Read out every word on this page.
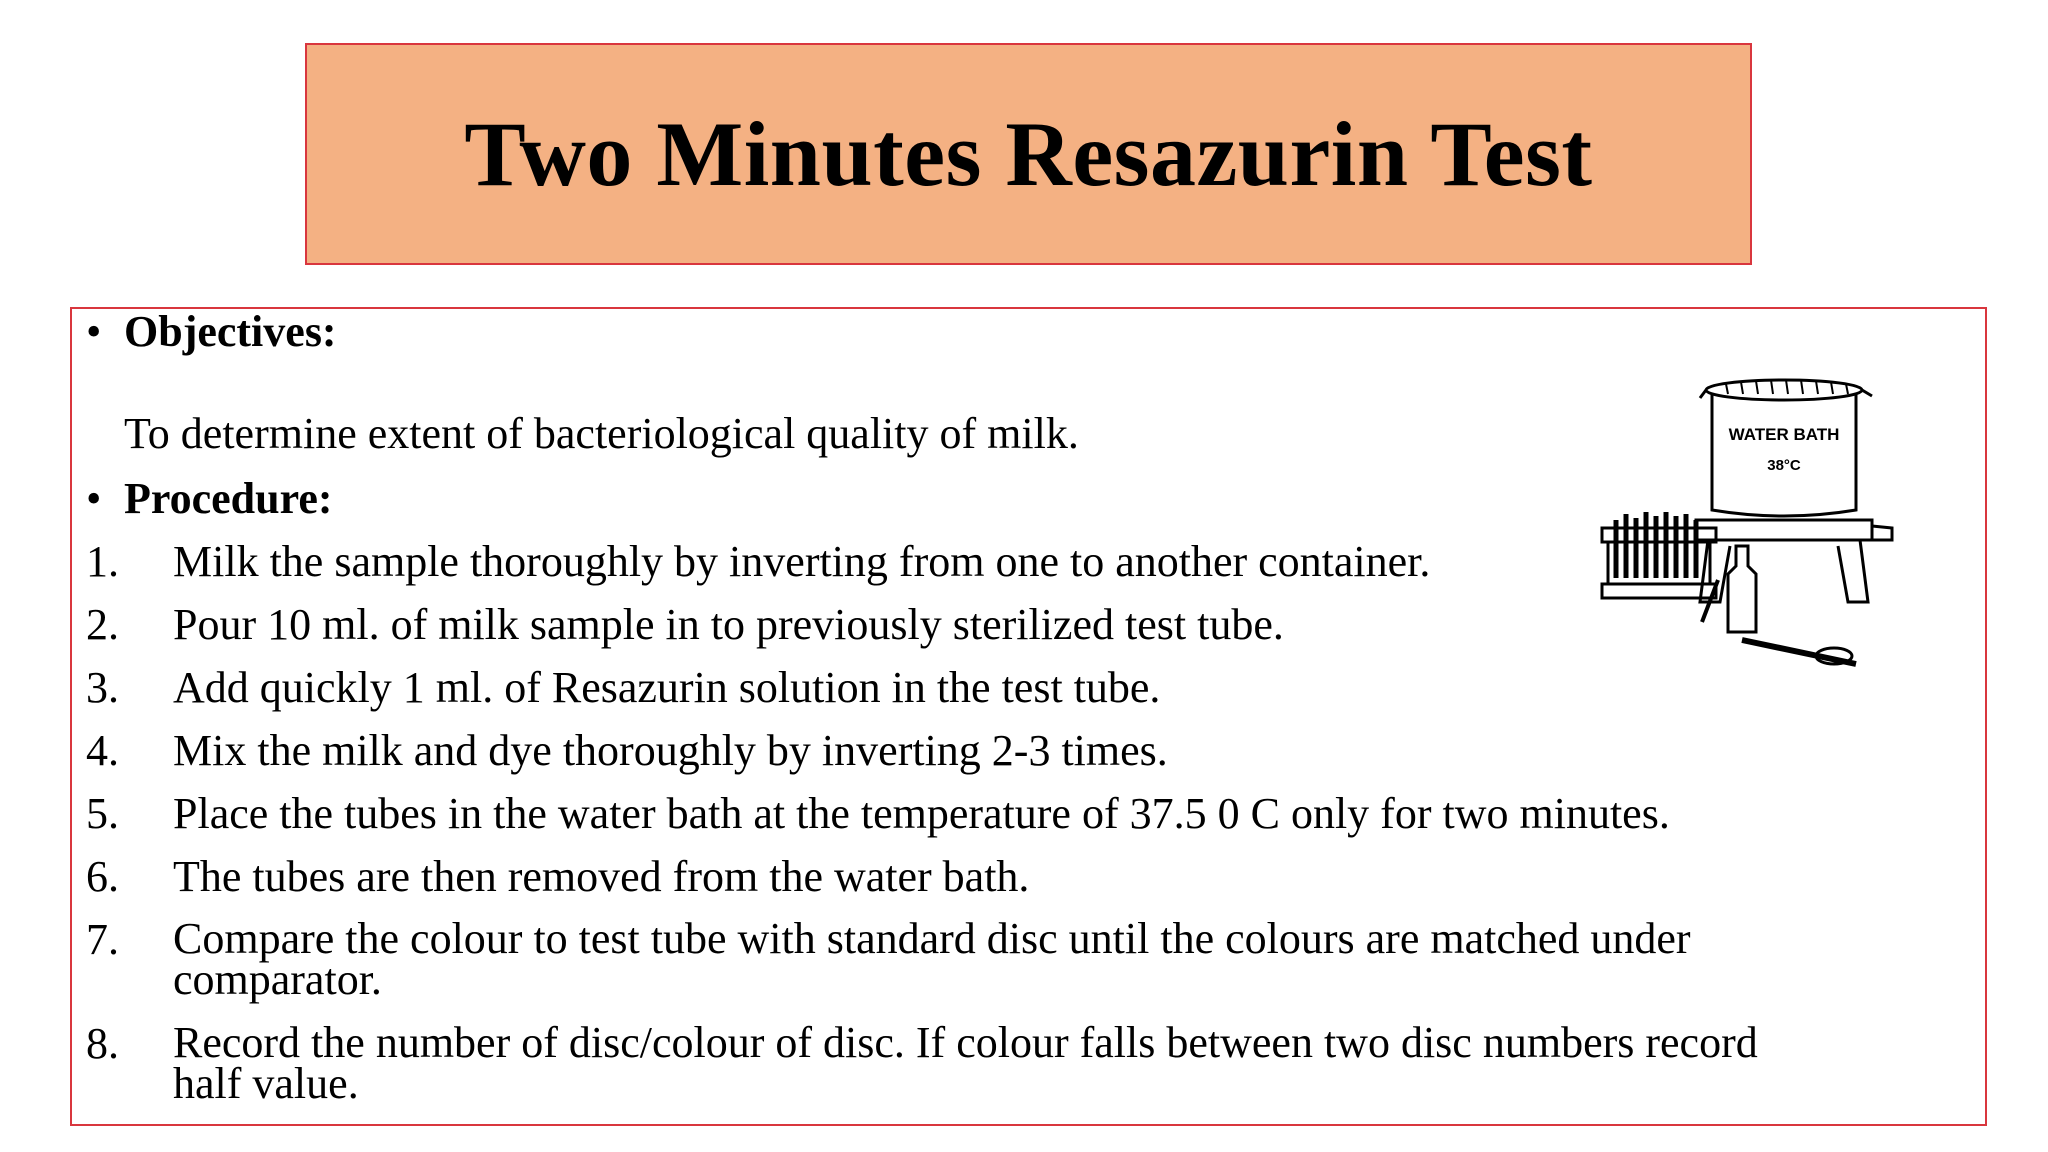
Two Minutes Resazurin Test
• Objectives:
To determine extent of bacteriological quality of milk.
• Procedure:
1. Milk the sample thoroughly by inverting from one to another container.
2. Pour 10 ml. of milk sample in to previously sterilized test tube.
3. Add quickly 1 ml. of Resazurin solution in the test tube.
4. Mix the milk and dye thoroughly by inverting 2-3 times.
5. Place the tubes in the water bath at the temperature of 37.5 0 C only for two minutes.
6. The tubes are then removed from the water bath.
7. Compare the colour to test tube with standard disc until the colours are matched under
comparator.
8. Record the number of disc/colour of disc. If colour falls between two disc numbers record
half value.
WATER BATH
38°C
